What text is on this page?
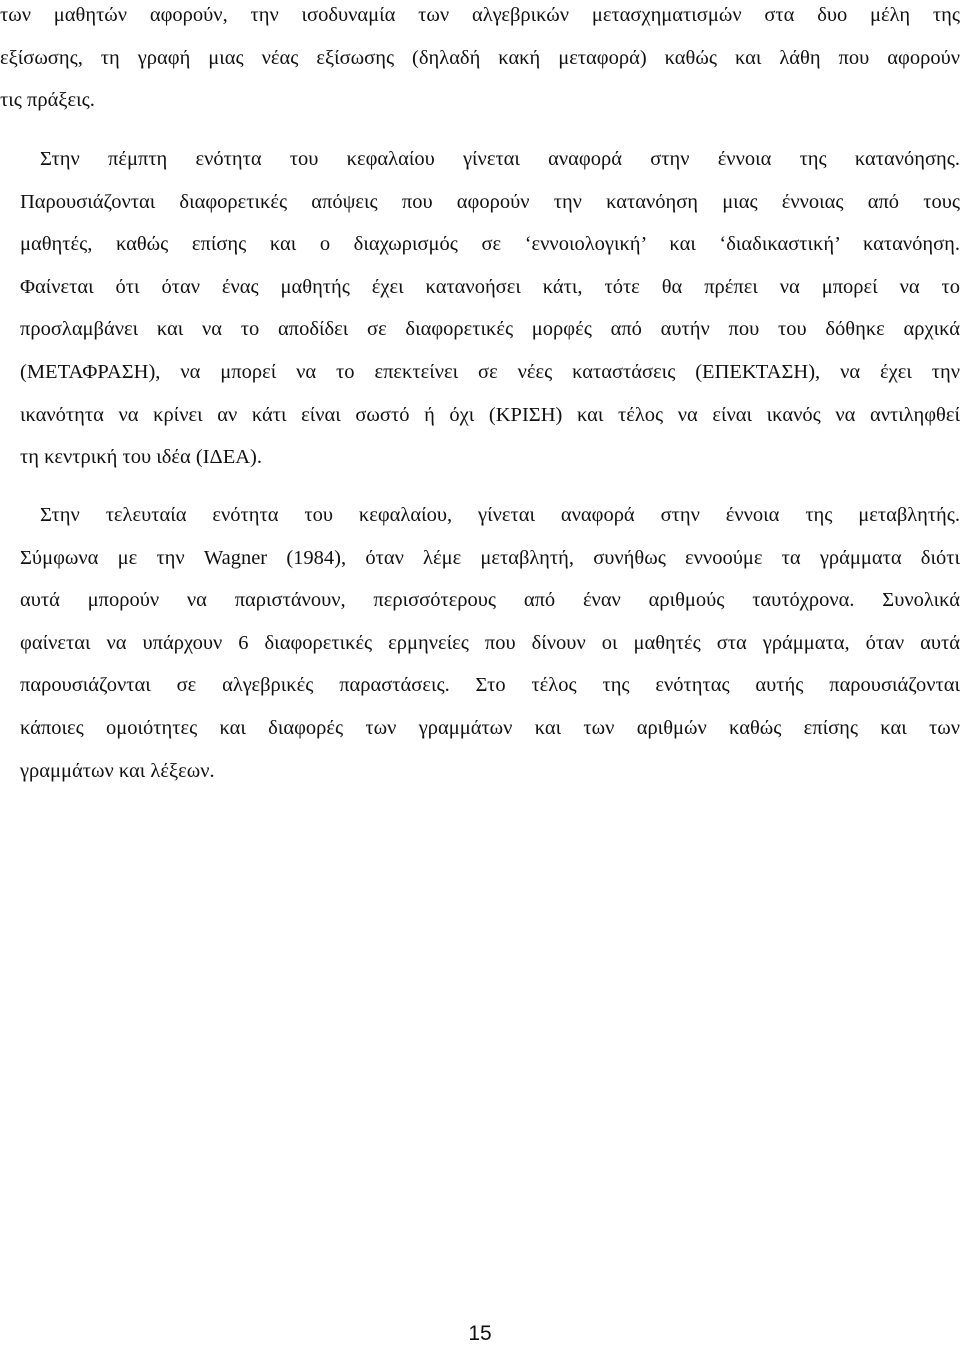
των μαθητών αφορούν, την ισοδυναμία των αλγεβρικών μετασχηματισμών στα δυο μέλη της
εξίσωσης, τη γραφή μιας νέας εξίσωσης (δηλαδή κακή μεταφορά) καθώς και λάθη που αφορούν
τις πράξεις.
Στην πέμπτη ενότητα του κεφαλαίου γίνεται αναφορά στην έννοια της κατανόησης.
Παρουσιάζονται διαφορετικές απόψεις που αφορούν την κατανόηση μιας έννοιας από τους
μαθητές, καθώς επίσης και ο διαχωρισμός σε ‘εννοιολογική’ και ‘διαδικαστική’ κατανόηση.
Φαίνεται ότι όταν ένας μαθητής έχει κατανοήσει κάτι, τότε θα πρέπει να μπορεί να το
προσλαμβάνει και να το αποδίδει σε διαφορετικές μορφές από αυτήν που του δόθηκε αρχικά
(ΜΕΤΑΦΡΑΣΗ), να μπορεί να το επεκτείνει σε νέες καταστάσεις (ΕΠΕΚΤΑΣΗ), να έχει την
ικανότητα να κρίνει αν κάτι είναι σωστό ή όχι (ΚΡΙΣΗ) και τέλος να είναι ικανός να αντιληφθεί
τη κεντρική του ιδέα (ΙΔΕΑ).
Στην τελευταία ενότητα του κεφαλαίου, γίνεται αναφορά στην έννοια της μεταβλητής.
Σύμφωνα με την Wagner (1984), όταν λέμε μεταβλητή, συνήθως εννοούμε τα γράμματα διότι
αυτά μπορούν να παριστάνουν, περισσότερους από έναν αριθμούς ταυτόχρονα. Συνολικά
φαίνεται να υπάρχουν 6 διαφορετικές ερμηνείες που δίνουν οι μαθητές στα γράμματα, όταν αυτά
παρουσιάζονται σε αλγεβρικές παραστάσεις. Στο τέλος της ενότητας αυτής παρουσιάζονται
κάποιες ομοιότητες και διαφορές των γραμμάτων και των αριθμών καθώς επίσης και των
γραμμάτων και λέξεων.
15
